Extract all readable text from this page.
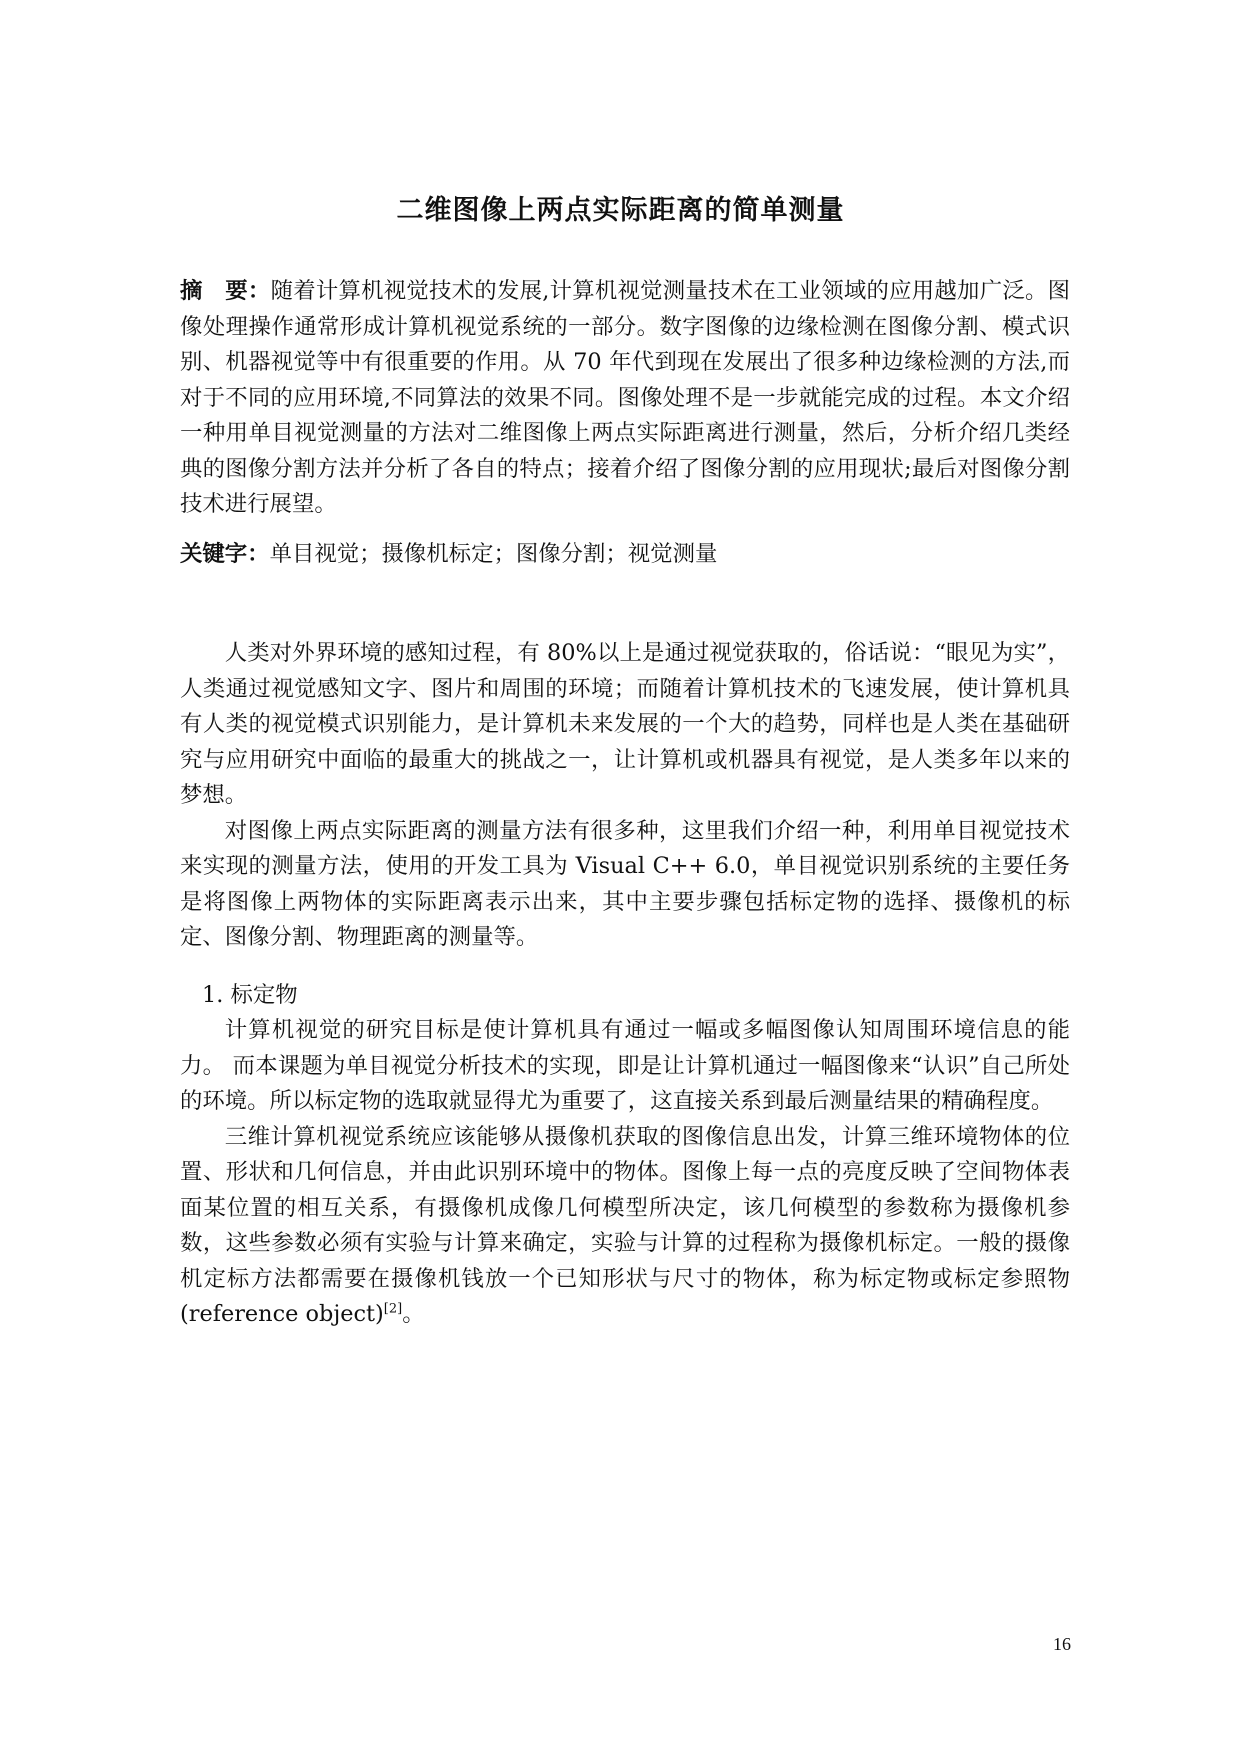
二维图像上两点实际距离的简单测量
摘　要：随着计算机视觉技术的发展,计算机视觉测量技术在工业领域的应用越加广泛。图像处理操作通常形成计算机视觉系统的一部分。数字图像的边缘检测在图像分割、模式识别、机器视觉等中有很重要的作用。从 70 年代到现在发展出了很多种边缘检测的方法,而对于不同的应用环境,不同算法的效果不同。图像处理不是一步就能完成的过程。本文介绍一种用单目视觉测量的方法对二维图像上两点实际距离进行测量，然后，分析介绍几类经典的图像分割方法并分析了各自的特点；接着介绍了图像分割的应用现状;最后对图像分割技术进行展望。
关键字：单目视觉；摄像机标定；图像分割；视觉测量

人类对外界环境的感知过程，有 80%以上是通过视觉获取的，俗话说：“眼见为实”，人类通过视觉感知文字、图片和周围的环境；而随着计算机技术的飞速发展，使计算机具有人类的视觉模式识别能力，是计算机未来发展的一个大的趋势，同样也是人类在基础研究与应用研究中面临的最重大的挑战之一，让计算机或机器具有视觉，是人类多年以来的梦想。

对图像上两点实际距离的测量方法有很多种，这里我们介绍一种，利用单目视觉技术来实现的测量方法，使用的开发工具为 Visual C++ 6.0，单目视觉识别系统的主要任务是将图像上两物体的实际距离表示出来，其中主要步骤包括标定物的选择、摄像机的标定、图像分割、物理距离的测量等。

1. 标定物

计算机视觉的研究目标是使计算机具有通过一幅或多幅图像认知周围环境信息的能力。 而本课题为单目视觉分析技术的实现，即是让计算机通过一幅图像来“认识”自己所处的环境。所以标定物的选取就显得尤为重要了，这直接关系到最后测量结果的精确程度。

三维计算机视觉系统应该能够从摄像机获取的图像信息出发，计算三维环境物体的位置、形状和几何信息，并由此识别环境中的物体。图像上每一点的亮度反映了空间物体表面某位置的相互关系，有摄像机成像几何模型所决定，该几何模型的参数称为摄像机参数，这些参数必须有实验与计算来确定，实验与计算的过程称为摄像机标定。一般的摄像机定标方法都需要在摄像机钱放一个已知形状与尺寸的物体，称为标定物或标定参照物(reference object)[2]。

16
